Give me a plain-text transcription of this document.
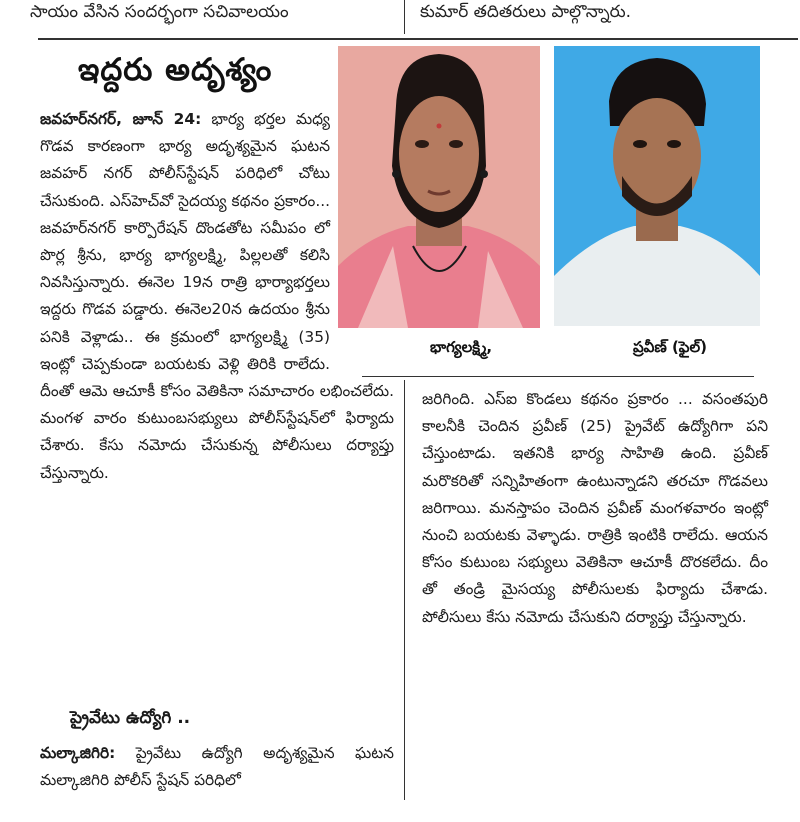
సాయం వేసిన సందర్భంగా సచివాలయం	కుమార్ తదితరులు పాల్గొన్నారు.
ఇద్దరు అదృశ్యం
భాగ్యలక్ష్మి,	ప్రవీణ్ (ఫైల్)

జవహర్‌నగర్, జూన్ 24: భార్య భర్తల మధ్య గొడవ కారణంగా భార్య అదృశ్యమైన ఘటన జవహర్ నగర్ పోలీస్‌స్టేషన్ పరిధిలో చోటు చేసుకుంది. ఎస్‌హెచ్‌వో సైదయ్య కథనం ప్రకారం... జవహర్‌నగర్ కార్పొరేషన్ దొండతోట సమీపం లో పొర్ల శ్రీను, భార్య భాగ్యలక్ష్మి, పిల్లలతో కలిసి నివసిస్తున్నారు. ఈనెల 19న రాత్రి భార్యాభర్తలు ఇద్దరు గొడవ పడ్డారు. ఈనెల20న ఉదయం శ్రీను పనికి వెళ్లాడు.. ఈ క్రమంలో భాగ్యలక్ష్మి (35) ఇంట్లో చెప్పకుండా బయటకు వెళ్లి తిరికి రాలేదు. దీంతో ఆమె ఆచూకీ కోసం వెతికినా సమాచారం లభించలేదు. మంగళ వారం కుటుంబసభ్యులు పోలీస్‌స్టేషన్‌లో ఫిర్యాదు చేశారు. కేసు నమోదు చేసుకున్న పోలీసులు దర్యాప్తు చేస్తున్నారు.

ప్రైవేటు ఉద్యోగి ..

మల్కాజిగిరి: ప్రైవేటు ఉద్యోగి అదృశ్యమైన ఘటన మల్కాజిగిరి పోలీస్ స్టేషన్ పరిధిలో

జరిగింది. ఎస్ఐ కొండలు కథనం ప్రకారం ... వసంతపురి కాలనీకి చెందిన ప్రవీణ్ (25) ప్రైవేట్ ఉద్యోగిగా పని చేస్తుంటాడు. ఇతనికి భార్య సాహితి ఉంది. ప్రవీణ్ మరొకరితో సన్నిహితంగా ఉంటున్నాడని తరచూ గొడవలు జరిగాయి. మనస్తాపం చెందిన ప్రవీణ్ మంగళవారం ఇంట్లో నుంచి బయటకు వెళ్ళాడు. రాత్రికి ఇంటికి రాలేదు. ఆయన కోసం కుటుంబ సభ్యులు వెతికినా ఆచూకీ దొరకలేదు. దీం తో తండ్రి మైసయ్య పోలీసులకు ఫిర్యాదు చేశాడు. పోలీసులు కేసు నమోదు చేసుకుని దర్యాప్తు చేస్తున్నారు.
